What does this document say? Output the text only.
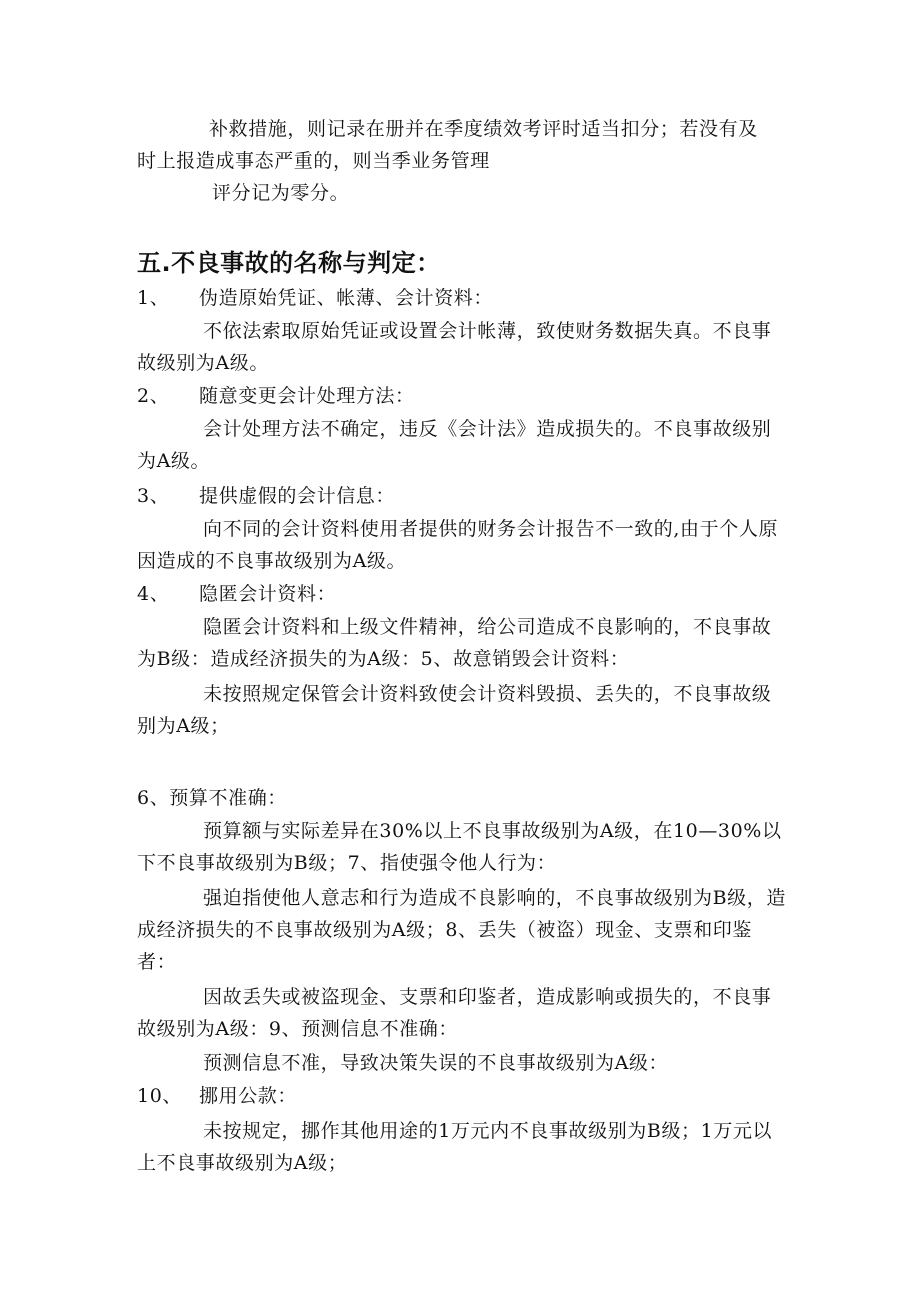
补救措施，则记录在册并在季度绩效考评时适当扣分；若没有及

时上报造成事态严重的，则当季业务管理

评分记为零分。

五.不良事故的名称与判定：
1、	伪造原始凭证、帐薄、会计资料：

不依法索取原始凭证或设置会计帐薄，致使财务数据失真。不良事故级别为A级。

2、	随意变更会计处理方法：

会计处理方法不确定，违反《会计法》造成损失的。不良事故级别为A级。

3、	提供虚假的会计信息：

向不同的会计资料使用者提供的财务会计报告不一致的,由于个人原因造成的不良事故级别为A级。

4、	隐匿会计资料：

隐匿会计资料和上级文件精神，给公司造成不良影响的，不良事故为B级：造成经济损失的为A级：5、故意销毁会计资料：

未按照规定保管会计资料致使会计资料毁损、丢失的，不良事故级别为A级；

6、预算不准确：

预算额与实际差异在30%以上不良事故级别为A级，在10—30%以下不良事故级别为B级；7、指使强令他人行为：

强迫指使他人意志和行为造成不良影响的，不良事故级别为B级，造成经济损失的不良事故级别为A级；8、丢失（被盗）现金、支票和印鉴者：

因故丢失或被盗现金、支票和印鉴者，造成影响或损失的，不良事故级别为A级：9、预测信息不准确：

预测信息不准，导致决策失误的不良事故级别为A级：

10、 挪用公款：

未按规定，挪作其他用途的1万元内不良事故级别为B级；1万元以上不良事故级别为A级；
